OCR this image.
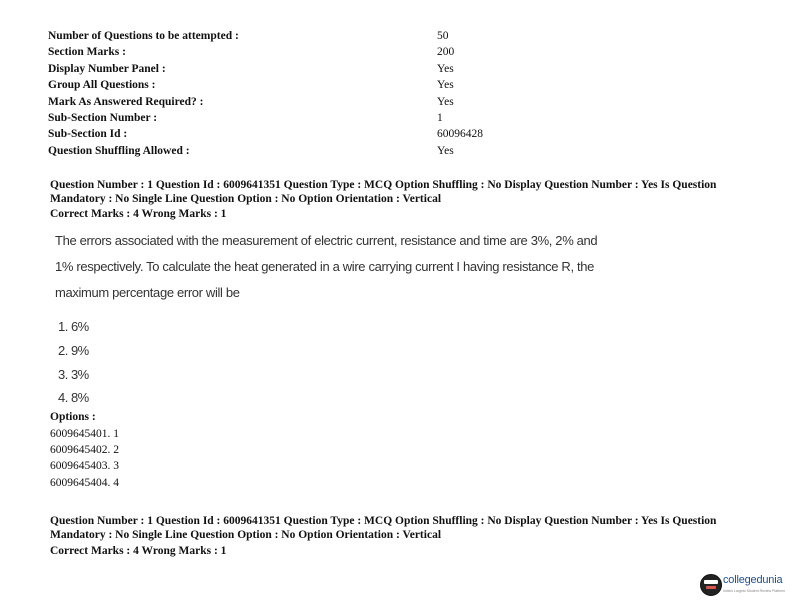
Number of Questions to be attempted :	50
Section Marks :	200
Display Number Panel :	Yes
Group All Questions :	Yes
Mark As Answered Required? :	Yes
Sub-Section Number :	1
Sub-Section Id :	60096428
Question Shuffling Allowed :	Yes
Question Number : 1 Question Id : 6009641351 Question Type : MCQ Option Shuffling : No Display Question Number : Yes Is Question
Mandatory : No Single Line Question Option : No Option Orientation : Vertical
Correct Marks : 4 Wrong Marks : 1
The errors associated with the measurement of electric current, resistance and time are 3%, 2% and
1% respectively. To calculate the heat generated in a wire carrying current I having resistance R, the
maximum percentage error will be
1. 6%
2. 9%
3. 3%
4. 8%
Options :
6009645401. 1
6009645402. 2
6009645403. 3
6009645404. 4
Question Number : 1 Question Id : 6009641351 Question Type : MCQ Option Shuffling : No Display Question Number : Yes Is Question
Mandatory : No Single Line Question Option : No Option Orientation : Vertical
Correct Marks : 4 Wrong Marks : 1
collegedunia
India's Largest Student Review Platform
